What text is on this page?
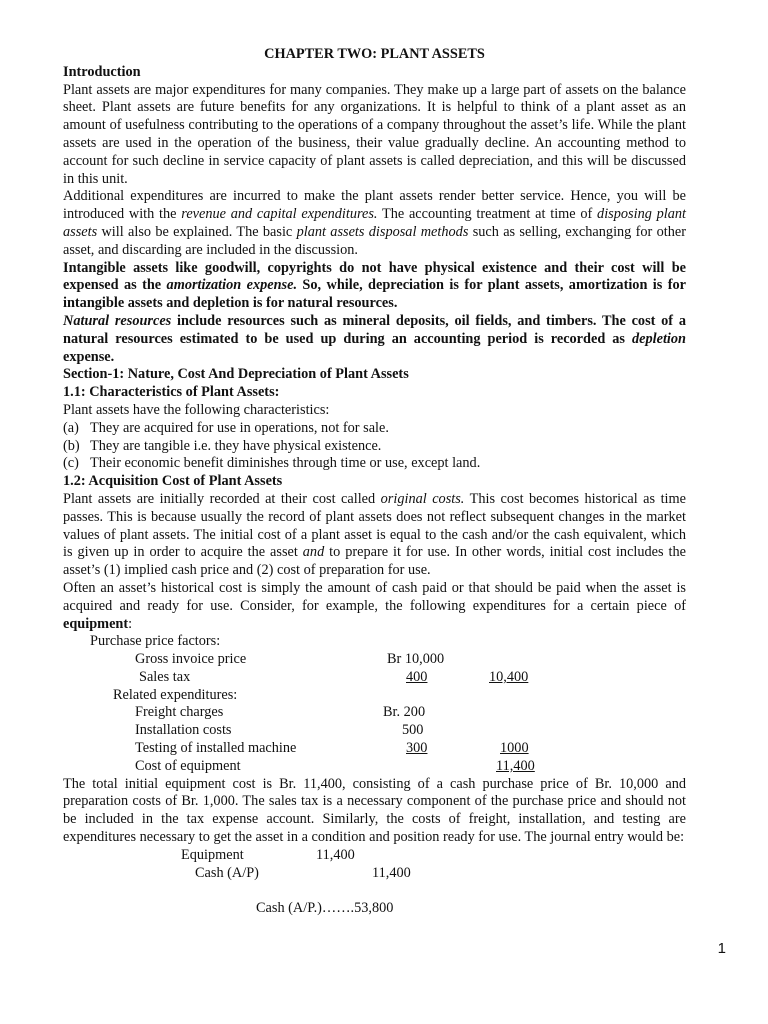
CHAPTER TWO: PLANT ASSETS
Introduction
Plant assets are major expenditures for many companies. They make up a large part of assets on the balance sheet. Plant assets are future benefits for any organizations. It is helpful to think of a plant asset as an amount of usefulness contributing to the operations of a company throughout the asset’s life. While the plant assets are used in the operation of the business, their value gradually decline. An accounting method to account for such decline in service capacity of plant assets is called depreciation, and this will be discussed in this unit.
Additional expenditures are incurred to make the plant assets render better service. Hence, you will be introduced with the revenue and capital expenditures. The accounting treatment at time of disposing plant assets will also be explained. The basic plant assets disposal methods such as selling, exchanging for other asset, and discarding are included in the discussion.
Intangible assets like goodwill, copyrights do not have physical existence and their cost will be expensed as the amortization expense. So, while, depreciation is for plant assets, amortization is for intangible assets and depletion is for natural resources.
Natural resources include resources such as mineral deposits, oil fields, and timbers. The cost of a natural resources estimated to be used up during an accounting period is recorded as depletion expense.
Section-1: Nature, Cost And Depreciation of Plant Assets
1.1: Characteristics of Plant Assets:
Plant assets have the following characteristics:
(a) They are acquired for use in operations, not for sale.
(b) They are tangible i.e. they have physical existence.
(c) Their economic benefit diminishes through time or use, except land.
1.2: Acquisition Cost of Plant Assets
Plant assets are initially recorded at their cost called original costs. This cost becomes historical as time passes. This is because usually the record of plant assets does not reflect subsequent changes in the market values of plant assets. The initial cost of a plant asset is equal to the cash and/or the cash equivalent, which is given up in order to acquire the asset and to prepare it for use. In other words, initial cost includes the asset’s (1) implied cash price and (2) cost of preparation for use.
Often an asset’s historical cost is simply the amount of cash paid or that should be paid when the asset is acquired and ready for use. Consider, for example, the following expenditures for a certain piece of equipment:
Purchase price factors:
Gross invoice price	Br 10,000
Sales tax	400	10,400
Related expenditures:
Freight charges	Br. 200
Installation costs	500
Testing of installed machine	300	1000
Cost of equipment	11,400
The total initial equipment cost is Br. 11,400, consisting of a cash purchase price of Br. 10,000 and preparation costs of Br. 1,000. The sales tax is a necessary component of the purchase price and should not be included in the tax expense account. Similarly, the costs of freight, installation, and testing are expenditures necessary to get the asset in a condition and position ready for use. The journal entry would be:
Equipment	11,400
Cash (A/P)	11,400
Cash (A/P.)…….53,800
1
